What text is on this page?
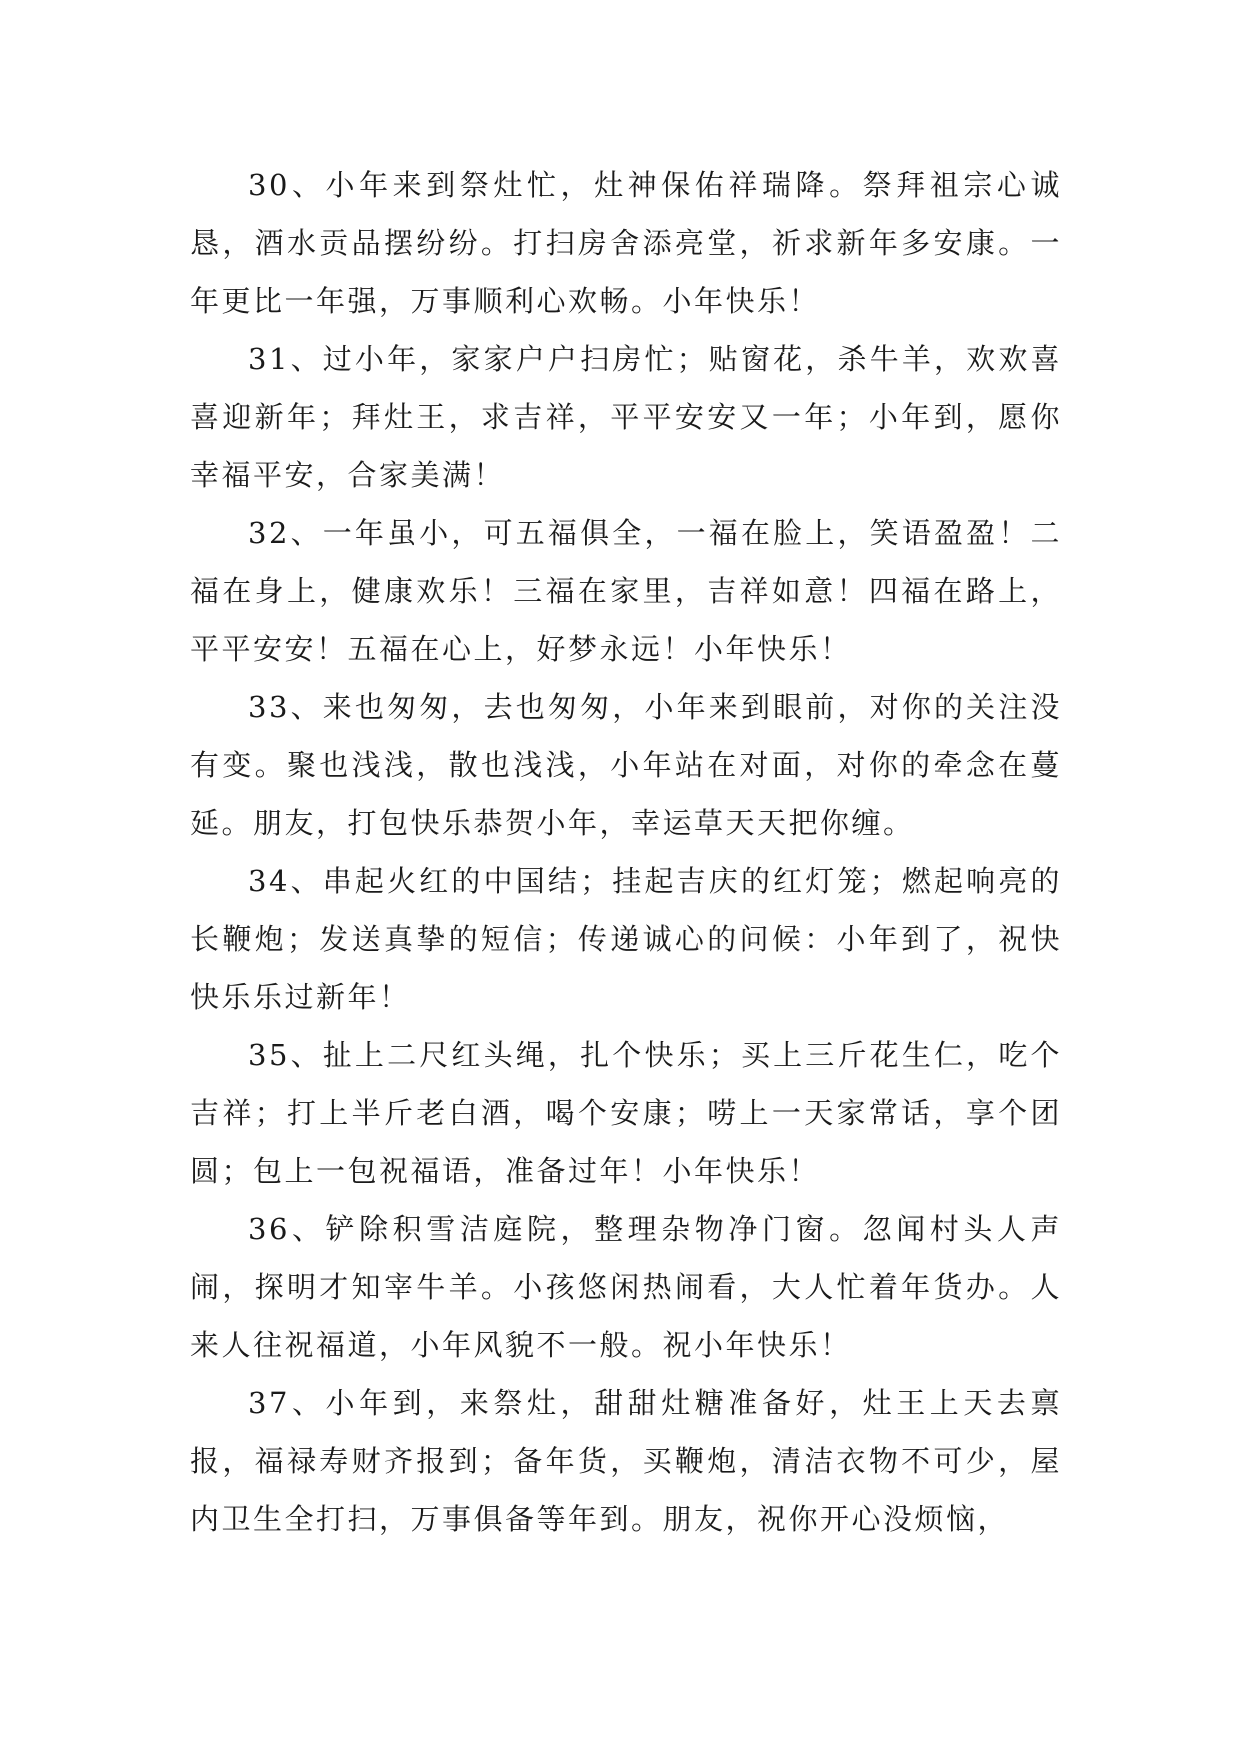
30、小年来到祭灶忙，灶神保佑祥瑞降。祭拜祖宗心诚恳，酒水贡品摆纷纷。打扫房舍添亮堂，祈求新年多安康。一年更比一年强，万事顺利心欢畅。小年快乐！

31、过小年，家家户户扫房忙；贴窗花，杀牛羊，欢欢喜喜迎新年；拜灶王，求吉祥，平平安安又一年；小年到，愿你幸福平安，合家美满！

32、一年虽小，可五福俱全，一福在脸上，笑语盈盈！二福在身上，健康欢乐！三福在家里，吉祥如意！四福在路上，平平安安！五福在心上，好梦永远！小年快乐！

33、来也匆匆，去也匆匆，小年来到眼前，对你的关注没有变。聚也浅浅，散也浅浅，小年站在对面，对你的牵念在蔓延。朋友，打包快乐恭贺小年，幸运草天天把你缠。

34、串起火红的中国结；挂起吉庆的红灯笼；燃起响亮的长鞭炮；发送真挚的短信；传递诚心的问候：小年到了，祝快快乐乐过新年！

35、扯上二尺红头绳，扎个快乐；买上三斤花生仁，吃个吉祥；打上半斤老白酒，喝个安康；唠上一天家常话，享个团圆；包上一包祝福语，准备过年！小年快乐！

36、铲除积雪洁庭院，整理杂物净门窗。忽闻村头人声闹，探明才知宰牛羊。小孩悠闲热闹看，大人忙着年货办。人来人往祝福道，小年风貌不一般。祝小年快乐！

37、小年到，来祭灶，甜甜灶糖准备好，灶王上天去禀报，福禄寿财齐报到；备年货，买鞭炮，清洁衣物不可少，屋内卫生全打扫，万事俱备等年到。朋友，祝你开心没烦恼，
